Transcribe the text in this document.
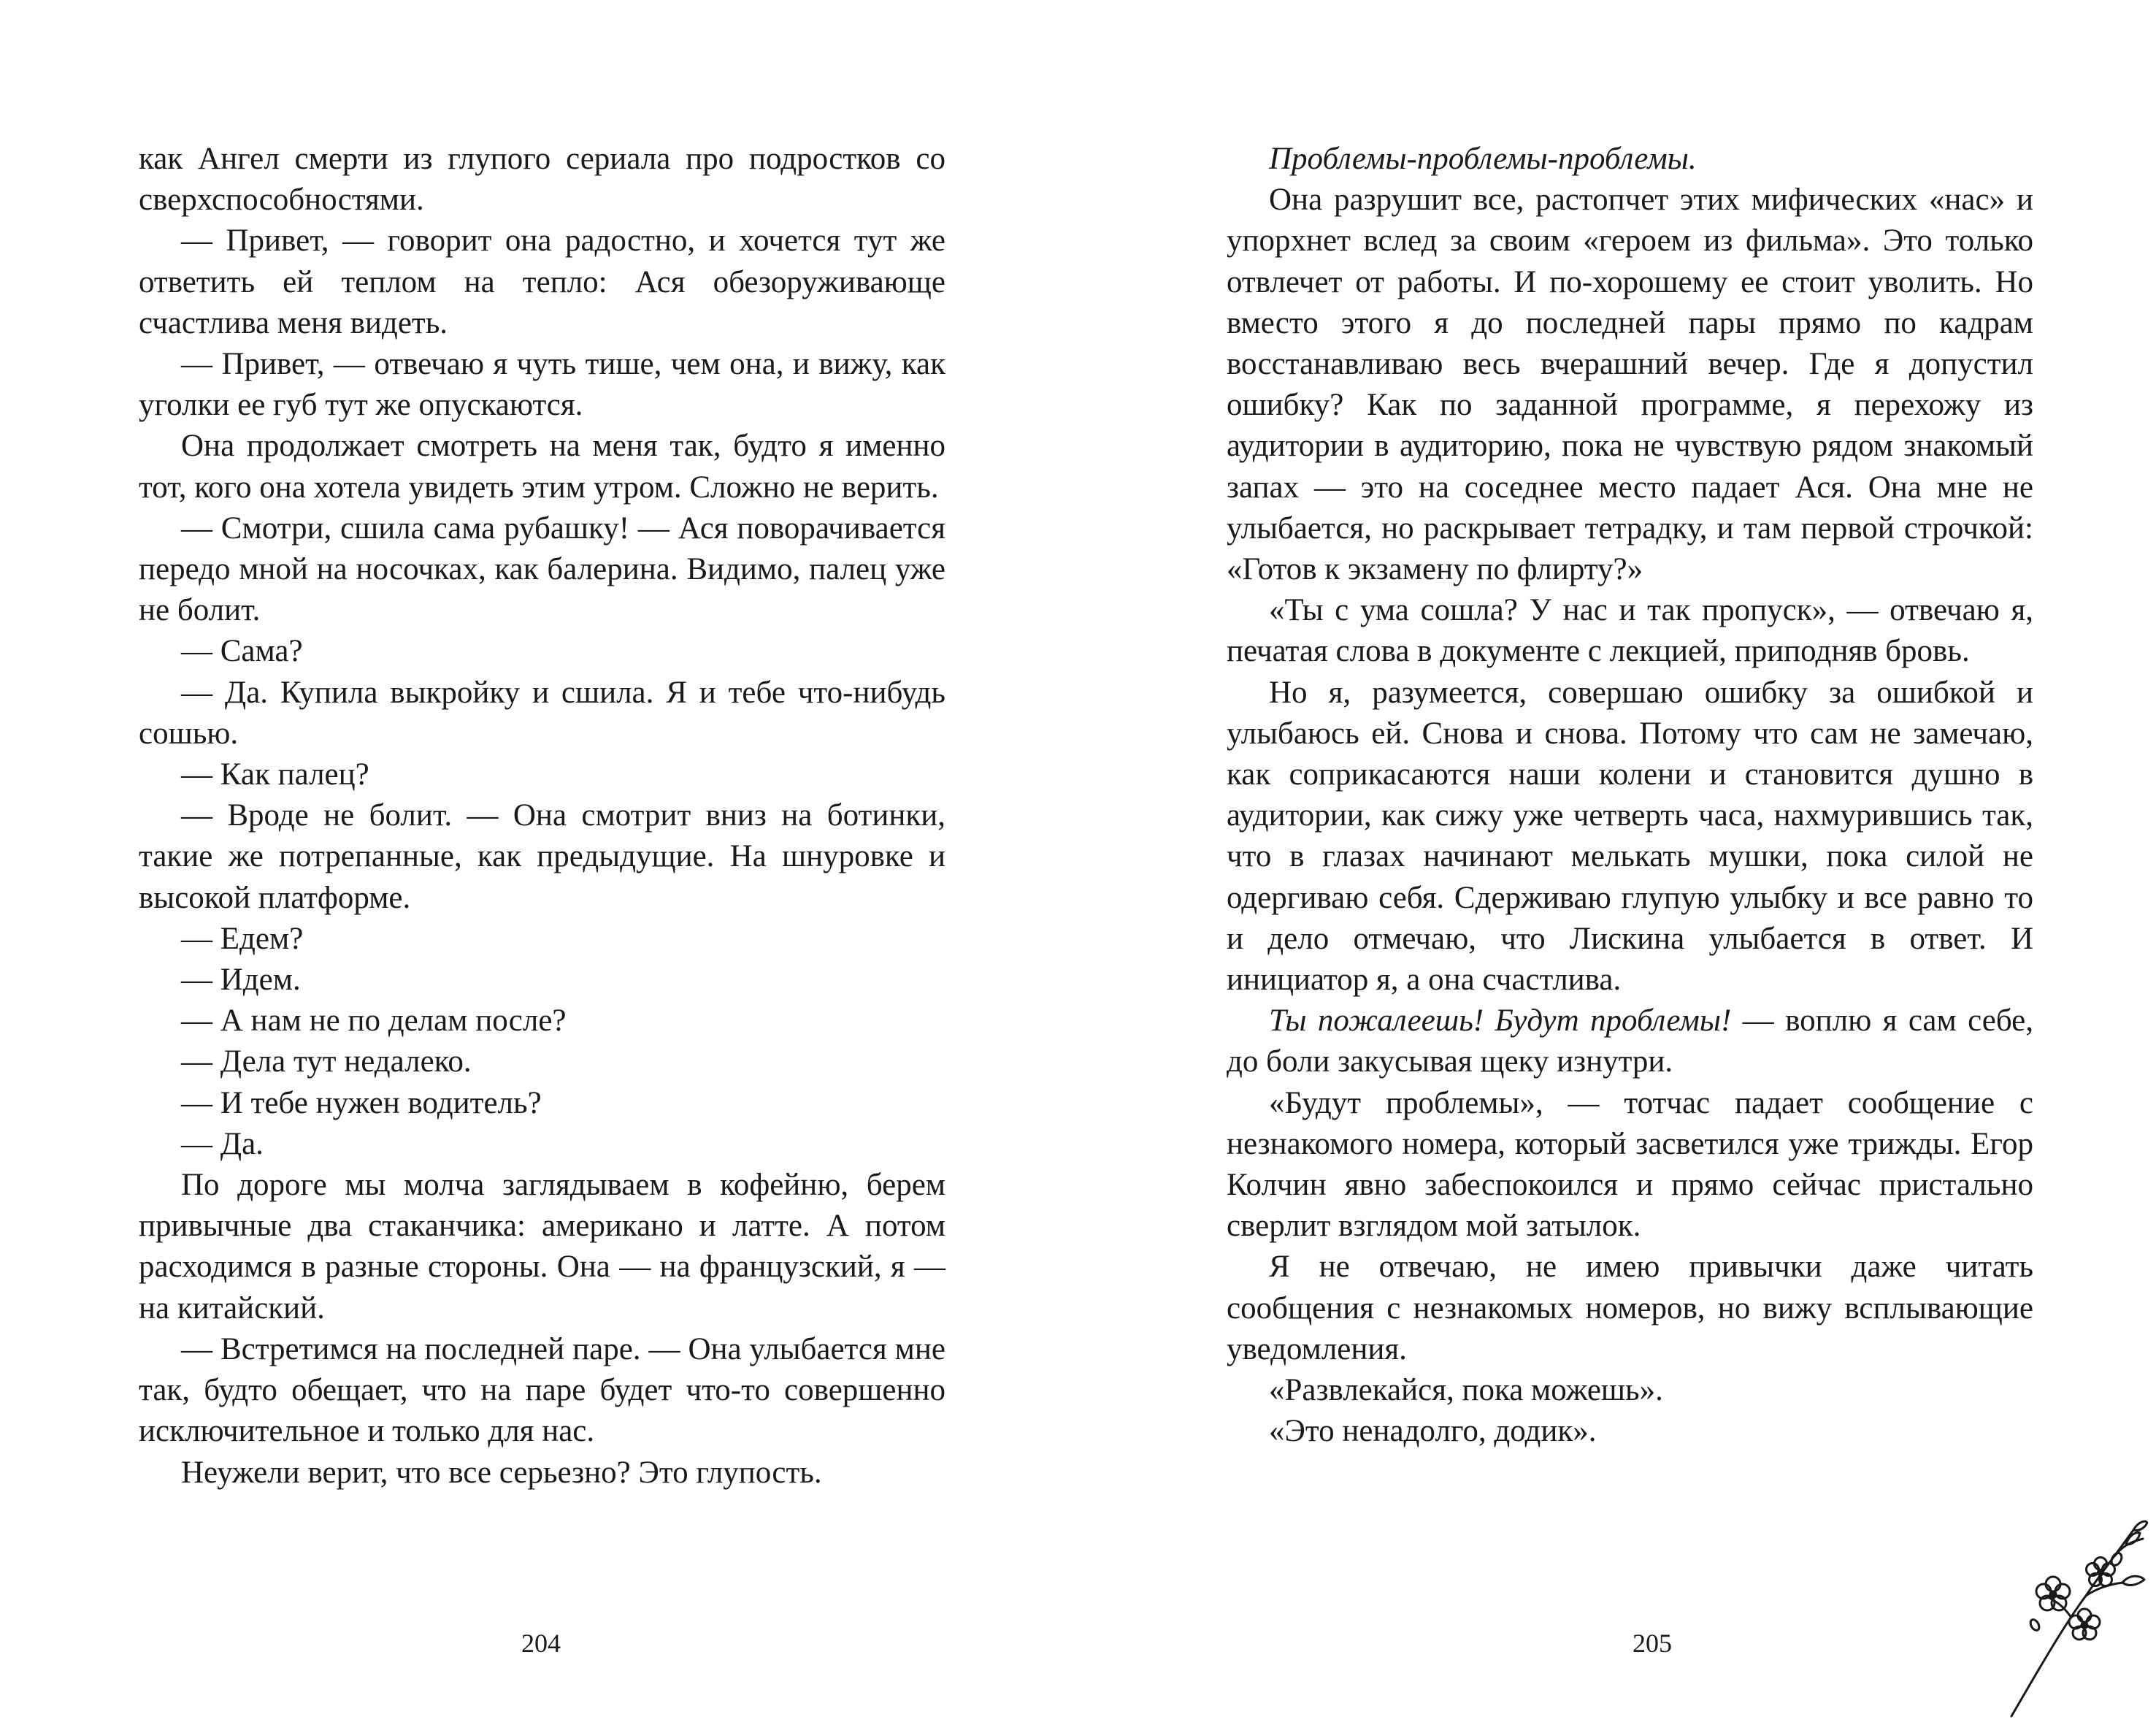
как Ангел смерти из глупого сериала про подростков со сверхспособностями.

— Привет, — говорит она радостно, и хочется тут же ответить ей теплом на тепло: Ася обезоруживающе счастлива меня видеть.

— Привет, — отвечаю я чуть тише, чем она, и вижу, как уголки ее губ тут же опускаются.

Она продолжает смотреть на меня так, будто я именно тот, кого она хотела увидеть этим утром. Сложно не верить.

— Смотри, сшила сама рубашку! — Ася поворачивается передо мной на носочках, как балерина. Видимо, палец уже не болит.

— Сама?

— Да. Купила выкройку и сшила. Я и тебе что-нибудь сошью.

— Как палец?

— Вроде не болит. — Она смотрит вниз на ботинки, такие же потрепанные, как предыдущие. На шнуровке и высокой платформе.

— Едем?

— Идем.

— А нам не по делам после?

— Дела тут недалеко.

— И тебе нужен водитель?

— Да.

По дороге мы молча заглядываем в кофейню, берем привычные два стаканчика: американо и латте. А потом расходимся в разные стороны. Она — на французский, я — на китайский.

— Встретимся на последней паре. — Она улыбается мне так, будто обещает, что на паре будет что-то совершенно исключительное и только для нас.

Неужели верит, что все серьезно? Это глупость.

204

Проблемы-проблемы-проблемы.

Она разрушит все, растопчет этих мифических «нас» и упорхнет вслед за своим «героем из фильма». Это только отвлечет от работы. И по-хорошему ее стоит уволить. Но вместо этого я до последней пары прямо по кадрам восстанавливаю весь вчерашний вечер. Где я допустил ошибку? Как по заданной программе, я перехожу из аудитории в аудиторию, пока не чувствую рядом знакомый запах — это на соседнее место падает Ася. Она мне не улыбается, но раскрывает тетрадку, и там первой строчкой: «Готов к экзамену по флирту?»

«Ты с ума сошла? У нас и так пропуск», — отвечаю я, печатая слова в документе с лекцией, приподняв бровь.

Но я, разумеется, совершаю ошибку за ошибкой и улыбаюсь ей. Снова и снова. Потому что сам не замечаю, как соприкасаются наши колени и становится душно в аудитории, как сижу уже четверть часа, нахмурившись так, что в глазах начинают мелькать мушки, пока силой не одергиваю себя. Сдерживаю глупую улыбку и все равно то и дело отмечаю, что Лискина улыбается в ответ. И инициатор я, а она счастлива.

Ты пожалеешь! Будут проблемы! — воплю я сам себе, до боли закусывая щеку изнутри.

«Будут проблемы», — тотчас падает сообщение с незнакомого номера, который засветился уже трижды. Егор Колчин явно забеспокоился и прямо сейчас пристально сверлит взглядом мой затылок.

Я не отвечаю, не имею привычки даже читать сообщения с незнакомых номеров, но вижу всплывающие уведомления.

«Развлекайся, пока можешь».

«Это ненадолго, додик».

205
